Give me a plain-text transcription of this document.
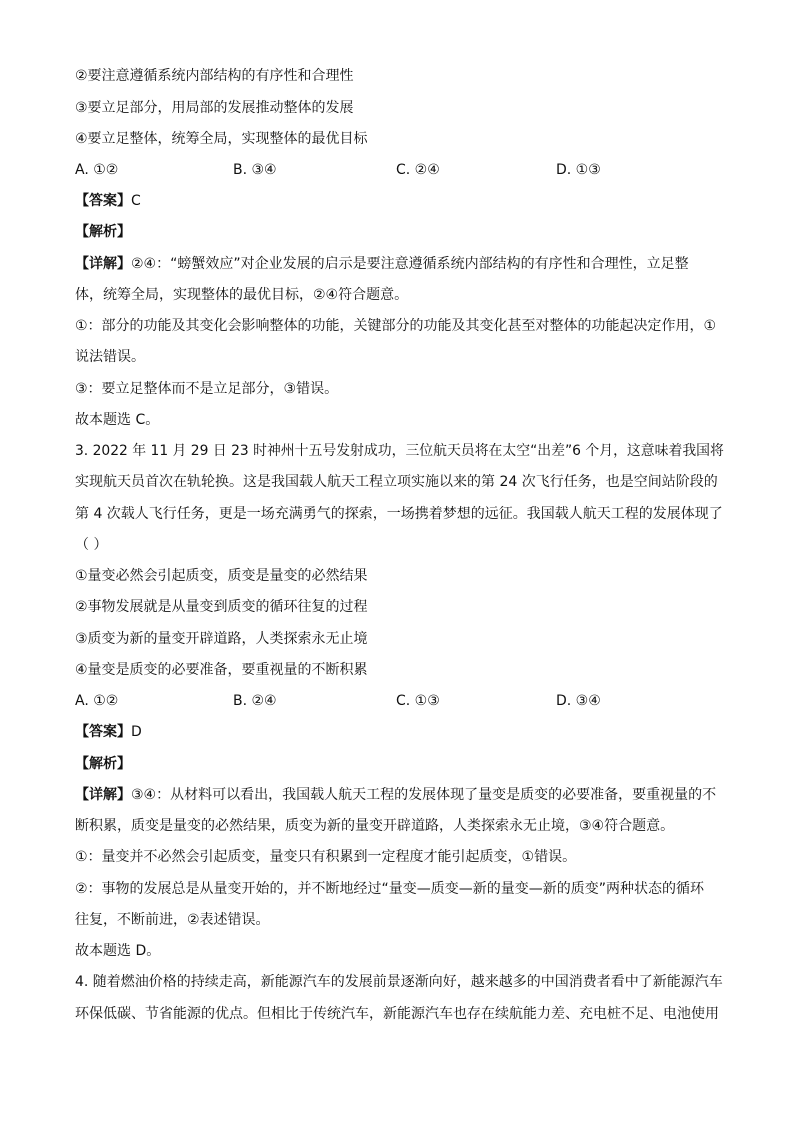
②要注意遵循系统内部结构的有序性和合理性
③要立足部分，用局部的发展推动整体的发展
④要立足整体，统筹全局，实现整体的最优目标
A. ①②	B. ③④	C. ②④	D. ①③
【答案】C
【解析】
【详解】②④：“螃蟹效应”对企业发展的启示是要注意遵循系统内部结构的有序性和合理性，立足整
体，统筹全局，实现整体的最优目标，②④符合题意。
①：部分的功能及其变化会影响整体的功能，关键部分的功能及其变化甚至对整体的功能起决定作用，①
说法错误。
③：要立足整体而不是立足部分，③错误。
故本题选 C。
3. 2022 年 11 月 29 日 23 时神州十五号发射成功，三位航天员将在太空“出差”6 个月，这意味着我国将
实现航天员首次在轨轮换。这是我国载人航天工程立项实施以来的第 24 次飞行任务，也是空间站阶段的
第 4 次载人飞行任务，更是一场充满勇气的探索，一场携着梦想的远征。我国载人航天工程的发展体现了
（ ）
①量变必然会引起质变，质变是量变的必然结果
②事物发展就是从量变到质变的循环往复的过程
③质变为新的量变开辟道路，人类探索永无止境
④量变是质变的必要准备，要重视量的不断积累
A. ①②	B. ②④	C. ①③	D. ③④
【答案】D
【解析】
【详解】③④：从材料可以看出，我国载人航天工程的发展体现了量变是质变的必要准备，要重视量的不
断积累，质变是量变的必然结果，质变为新的量变开辟道路，人类探索永无止境，③④符合题意。
①：量变并不必然会引起质变，量变只有积累到一定程度才能引起质变，①错误。
②：事物的发展总是从量变开始的，并不断地经过“量变—质变—新的量变—新的质变”两种状态的循环
往复，不断前进，②表述错误。
故本题选 D。
4. 随着燃油价格的持续走高，新能源汽车的发展前景逐渐向好，越来越多的中国消费者看中了新能源汽车
环保低碳、节省能源的优点。但相比于传统汽车，新能源汽车也存在续航能力差、充电桩不足、电池使用
